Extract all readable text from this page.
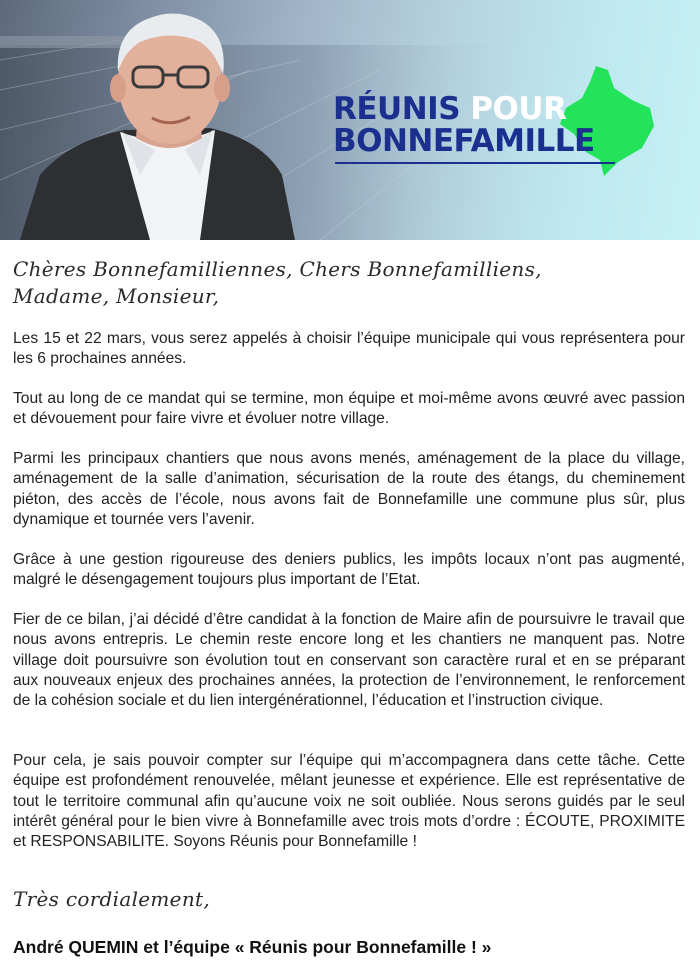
RÉUNIS POUR
BONNEFAMILLE
Chères Bonnefamilliennes, Chers Bonnefamilliens,
Madame, Monsieur,

Les 15 et 22 mars, vous serez appelés à choisir l’équipe municipale qui vous représentera pour les 6 prochaines années.

Tout au long de ce mandat qui se termine, mon équipe et moi-même avons œuvré avec passion et dévouement pour faire vivre et évoluer notre village.

Parmi les principaux chantiers que nous avons menés, aménagement de la place du village, aménagement de la salle d’animation, sécurisation de la route des étangs, du cheminement piéton, des accès de l’école, nous avons fait de Bonnefamille une commune plus sûr, plus dynamique et tournée vers l’avenir.

Grâce à une gestion rigoureuse des deniers publics, les impôts locaux n’ont pas augmenté, malgré le désengagement toujours plus important de l’Etat.

Fier de ce bilan, j’ai décidé d’être candidat à la fonction de Maire afin de poursuivre le travail que nous avons entrepris. Le chemin reste encore long et les chantiers ne manquent pas. Notre village doit poursuivre son évolution tout en conservant son caractère rural et en se préparant aux nouveaux enjeux des prochaines années, la protection de l’environnement, le renforcement de la cohésion sociale et du lien intergénérationnel, l’éducation et l’instruction civique.

Pour cela, je sais pouvoir compter sur l’équipe qui m’accompagnera dans cette tâche. Cette équipe est profondément renouvelée, mêlant jeunesse et expérience. Elle est représentative de tout le territoire communal afin qu’aucune voix ne soit oubliée. Nous serons guidés par le seul intérêt général pour le bien vivre à Bonnefamille avec trois mots d’ordre : ÉCOUTE, PROXIMITE et RESPONSABILITE. Soyons Réunis pour Bonnefamille !

Très cordialement,

André QUEMIN et l’équipe « Réunis pour Bonnefamille ! »
